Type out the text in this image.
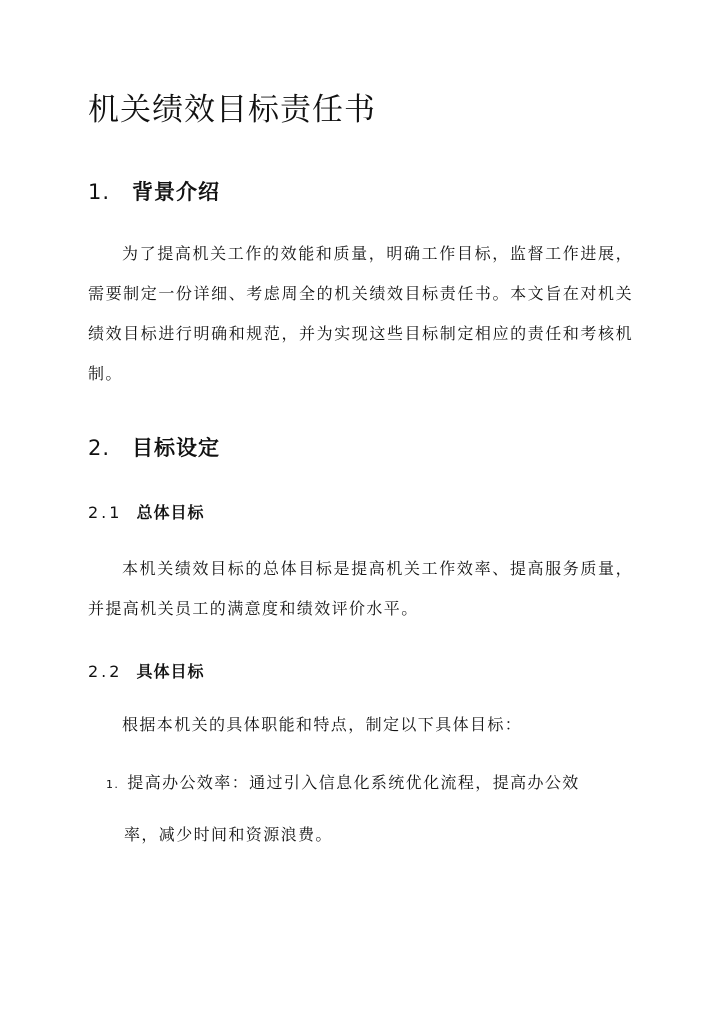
机关绩效目标责任书
1. 背景介绍

为了提高机关工作的效能和质量，明确工作目标，监督工作进展，需要制定一份详细、考虑周全的机关绩效目标责任书。本文旨在对机关绩效目标进行明确和规范，并为实现这些目标制定相应的责任和考核机制。

2. 目标设定
2.1 总体目标

本机关绩效目标的总体目标是提高机关工作效率、提高服务质量，并提高机关员工的满意度和绩效评价水平。

2.2 具体目标

根据本机关的具体职能和特点，制定以下具体目标：

1. 提高办公效率：通过引入信息化系统优化流程，提高办公效
率，减少时间和资源浪费。
